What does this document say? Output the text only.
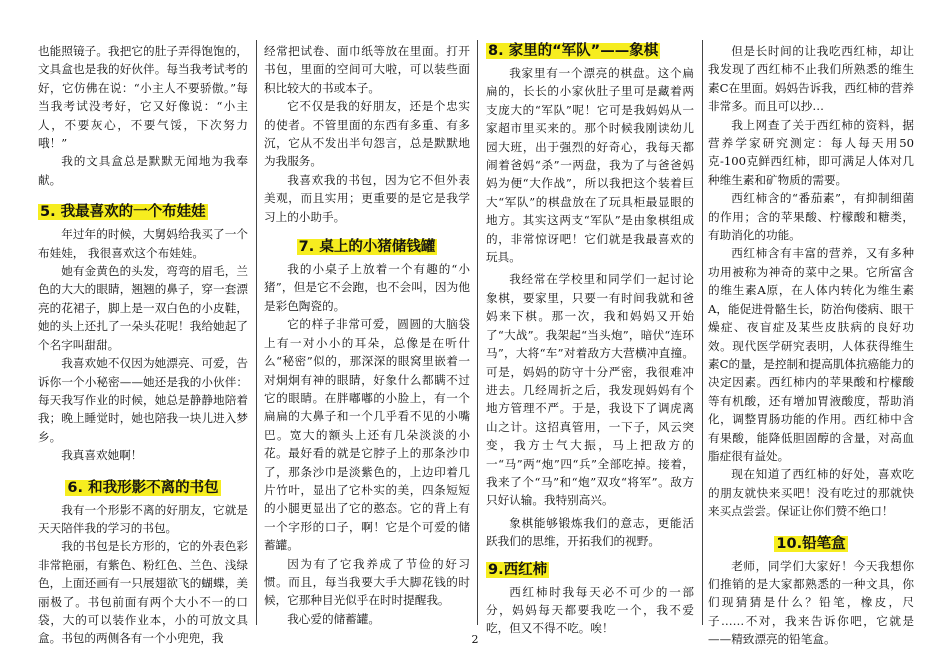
也能照镜子。我把它的肚子弄得饱饱的，文具盒也是我的好伙伴。每当我考试考的好，它仿佛在说：“小主人不要骄傲。”每当我考试没考好，它又好像说：“小主人，不要灰心，不要气馁，下次努力哦！”

我的文具盒总是默默无闻地为我奉献。

5. 我最喜欢的一个布娃娃

年过年的时候，大舅妈给我买了一个布娃娃， 我很喜欢这个布娃娃。

她有金黄色的头发，弯弯的眉毛，兰色的大大的眼睛，翘翘的鼻子，穿一套漂亮的花裙子，脚上是一双白色的小皮鞋，她的头上还扎了一朵头花呢！我给她起了个名字叫甜甜。

我喜欢她不仅因为她漂亮、可爱，告诉你一个小秘密——她还是我的小伙伴：每天我写作业的时候，她总是静静地陪着我；晚上睡觉时，她也陪我一块儿进入梦乡。

我真喜欢她啊！

6. 和我形影不离的书包

我有一个形影不离的好朋友，它就是天天陪伴我的学习的书包。

我的书包是长方形的，它的外表色彩非常艳丽，有紫色、粉红色、兰色、浅绿色，上面还画有一只展翅欲飞的蝴蝶，美丽极了。书包前面有两个大小不一的口袋，大的可以装作业本，小的可放文具盒。书包的两侧各有一个小兜兜，我

经常把试卷、面巾纸等放在里面。打开书包，里面的空间可大啦，可以装些面积比较大的书或本子。

它不仅是我的好朋友，还是个忠实的使者。不管里面的东西有多重、有多沉，它从不发出半句怨言，总是默默地为我服务。

我喜欢我的书包，因为它不但外表美观，而且实用；更重要的是它是我学习上的小助手。

7. 桌上的小猪储钱罐

我的小桌子上放着一个有趣的“小猪”，但是它不会跑，也不会叫，因为他是彩色陶瓷的。

它的样子非常可爱，圆圆的大脑袋上有一对小小的耳朵，总像是在听什么“秘密”似的，那深深的眼窝里嵌着一对炯炯有神的眼睛，好象什么都瞒不过它的眼睛。在胖嘟嘟的小脸上，有一个扁扁的大鼻子和一个几乎看不见的小嘴巴。宽大的额头上还有几朵淡淡的小花。最好看的就是它脖子上的那条沙巾了，那条沙巾是淡紫色的，上边印着几片竹叶，显出了它朴实的美，四条短短的小腿更显出了它的憨态。它的背上有一个字形的口子，啊！它是个可爱的储蓄罐。

因为有了它我养成了节俭的好习惯。而且，每当我要大手大脚花钱的时候，它那种目光似乎在时时提醒我。

我心爱的储蓄罐。

8. 家里的“军队”——象棋

我家里有一个漂亮的棋盘。这个扁扁的，长长的小家伙肚子里可是藏着两支庞大的“军队”呢！它可是我妈妈从一家超市里买来的。那个时候我刚读幼儿园大班，出于强烈的好奇心，我每天都闹着爸妈“杀”一两盘，我为了与爸爸妈妈为便“大作战”，所以我把这个装着巨大“军队”的棋盘放在了玩具柜最显眼的地方。其实这两支“军队”是由象棋组成的，非常惊讶吧！它们就是我最喜欢的玩具。

我经常在学校里和同学们一起讨论象棋，要家里，只要一有时间我就和爸妈来下棋。那一次，我和妈妈又开始了“大战”。我架起“当头炮”，暗伏“连环马”，大将“车”对着敌方大营横冲直撞。可是，妈妈的防守十分严密，我很难冲进去。几经周折之后，我发现妈妈有个地方管理不严。于是，我设下了调虎离山之计。这招真管用，一下子，风云突变，我方士气大振，马上把敌方的一“马”两“炮”四“兵”全部吃掉。接着，我来了个“马”和“炮”双攻“将军”。敌方只好认输。我特别高兴。

象棋能够锻炼我们的意志，更能活跃我们的思维，开拓我们的视野。

9.西红柿

西红柿时我每天必不可少的一部分，妈妈每天都要我吃一个，我不爱吃，但又不得不吃。唉！

但是长时间的让我吃西红柿，却让我发现了西红柿不止我们所熟悉的维生素C在里面。妈妈告诉我，西红柿的营养非常多。而且可以抄…

我上网查了关于西红柿的资料，据营养学家研究测定：每人每天用50克-100克鲜西红柿，即可满足人体对几种维生素和矿物质的需要。

西红柿含的“番茄素”，有抑制细菌的作用；含的苹果酸、柠檬酸和糖类，有助消化的功能。

西红柿含有丰富的营养，又有多种功用被称为神奇的菜中之果。它所富含的维生素A原，在人体内转化为维生素A，能促进骨骼生长，防治佝偻病、眼干燥症、夜盲症及某些皮肤病的良好功效。现代医学研究表明，人体获得维生素C的量，是控制和提高肌体抗癌能力的决定因素。西红柿内的苹果酸和柠檬酸等有机酸，还有增加胃液酸度，帮助消化，调整胃肠功能的作用。西红柿中含有果酸，能降低胆固醇的含量，对高血脂症很有益处。

现在知道了西红柿的好处，喜欢吃的朋友就快来买吧！没有吃过的那就快来买点尝尝。保证让你们赞不绝口！

10.铅笔盒

老师，同学们大家好！今天我想你们推销的是大家都熟悉的一种文具，你们现猜猜是什么？铅笔，橡皮，尺子……不对，我来告诉你吧，它就是——精致漂亮的铅笔盒。

2
